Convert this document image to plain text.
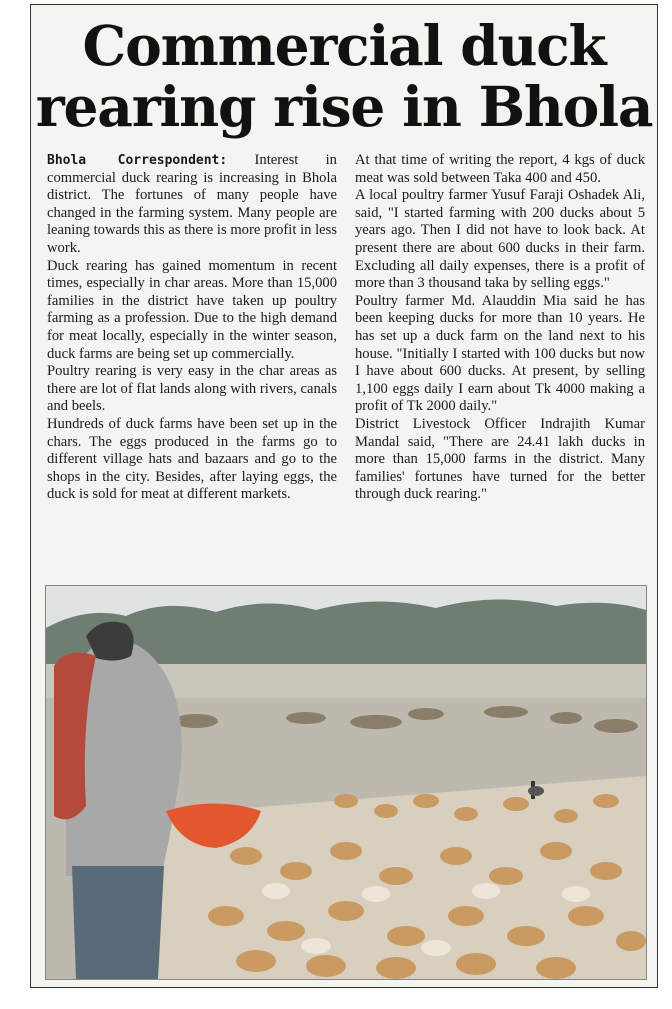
Commercial duck
rearing rise in Bhola

Bhola Correspondent: Interest in commercial duck rearing is increasing in Bhola district. The fortunes of many people have changed in the farming system. Many people are leaning towards this as there is more profit in less work.

Duck rearing has gained momentum in recent times, especially in char areas. More than 15,000 families in the district have taken up poultry farming as a profession. Due to the high demand for meat locally, especially in the winter season, duck farms are being set up commercially.

Poultry rearing is very easy in the char areas as there are lot of flat lands along with rivers, canals and beels.

Hundreds of duck farms have been set up in the chars. The eggs produced in the farms go to different village hats and bazaars and go to the shops in the city. Besides, after laying eggs, the duck is sold for meat at different markets.

At that time of writing the report, 4 kgs of duck meat was sold between Taka 400 and 450.

A local poultry farmer Yusuf Faraji Oshadek Ali, said, "I started farming with 200 ducks about 5 years ago. Then I did not have to look back. At present there are about 600 ducks in their farm. Excluding all daily expenses, there is a profit of more than 3 thousand taka by selling eggs."

Poultry farmer Md. Alauddin Mia said he has been keeping ducks for more than 10 years. He has set up a duck farm on the land next to his house. "Initially I started with 100 ducks but now I have about 600 ducks. At present, by selling 1,100 eggs daily I earn about Tk 4000 making a profit of Tk 2000 daily."

District Livestock Officer Indrajith Kumar Mandal said, "There are 24.41 lakh ducks in more than 15,000 farms in the district. Many families' fortunes have turned for the better through duck rearing."
